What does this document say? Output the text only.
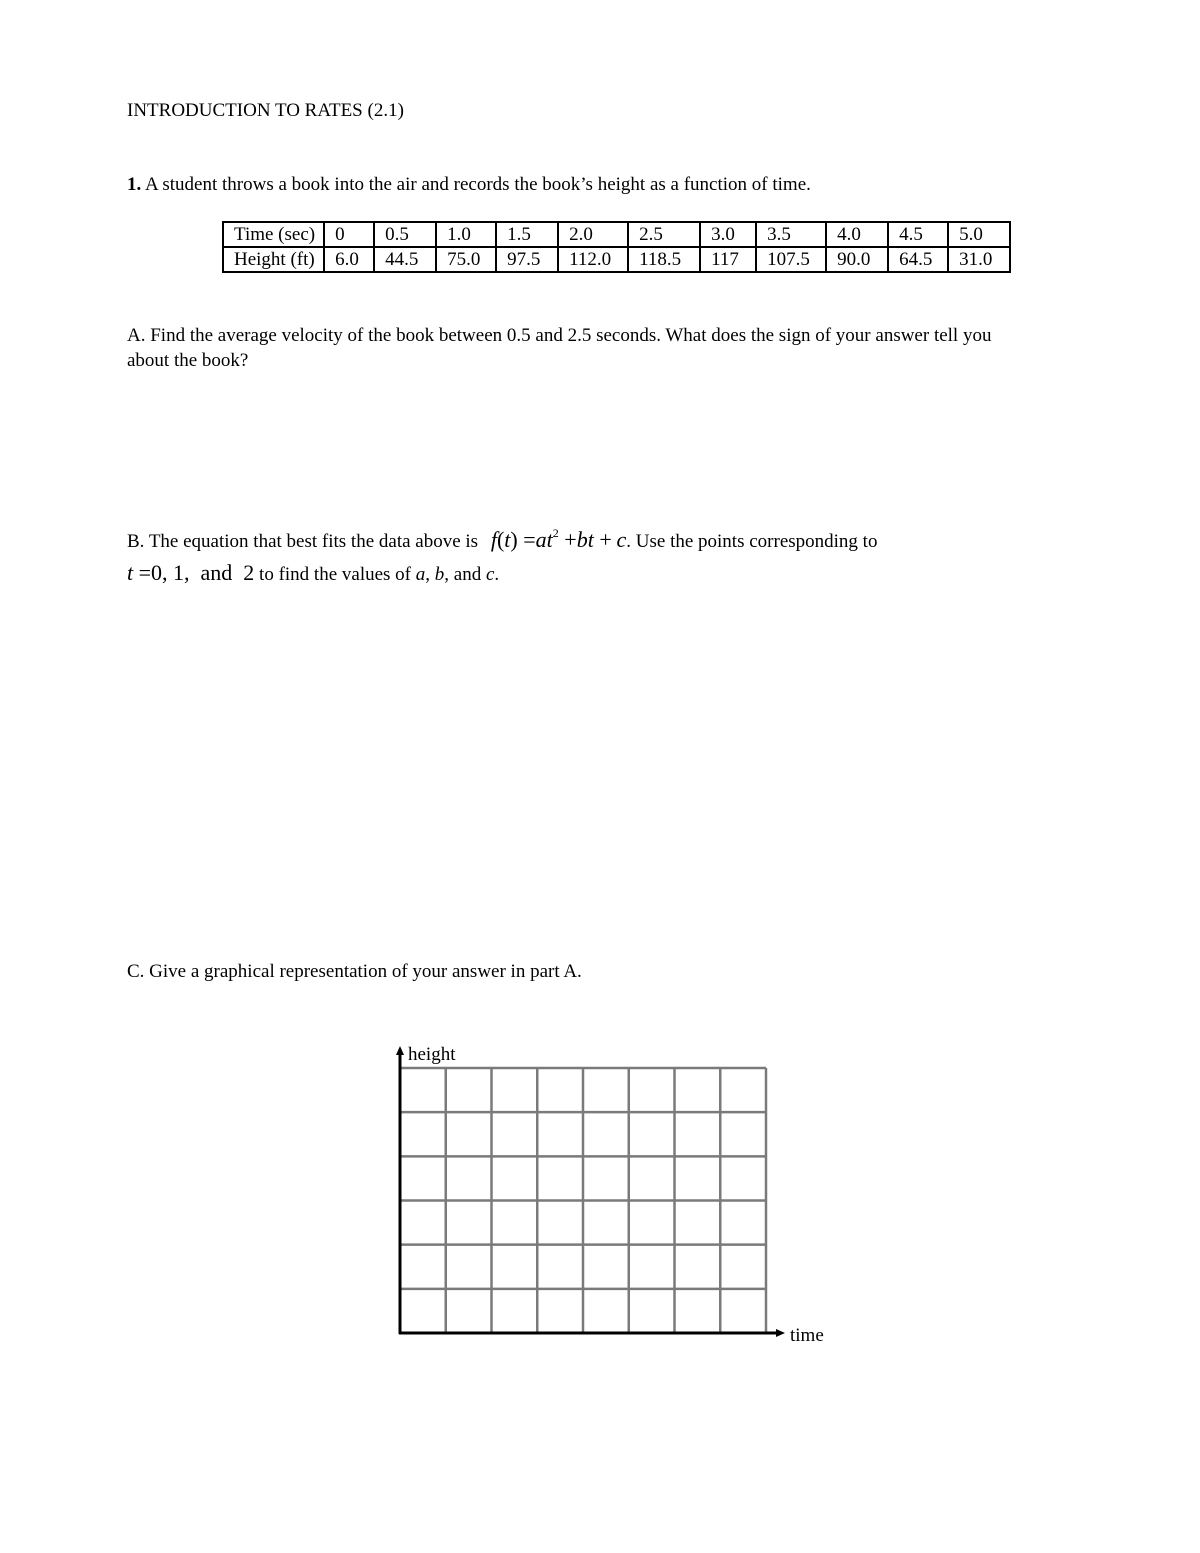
INTRODUCTION TO RATES (2.1)
1. A student throws a book into the air and records the book’s height as a function of time.
Time (sec)	0	0.5	1.0	1.5	2.0	2.5	3.0	3.5	4.0	4.5	5.0
Height (ft)	6.0	44.5	75.0	97.5	112.0	118.5	117	107.5	90.0	64.5	31.0
A. Find the average velocity of the book between 0.5 and 2.5 seconds. What does the sign of your answer tell you about the book?
B. The equation that best fits the data above is $f(t) =at^2 +bt + c$. Use the points corresponding to
t =0, 1,  and  2 to find the values of a, b, and c.
C. Give a graphical representation of your answer in part A.
height
time
